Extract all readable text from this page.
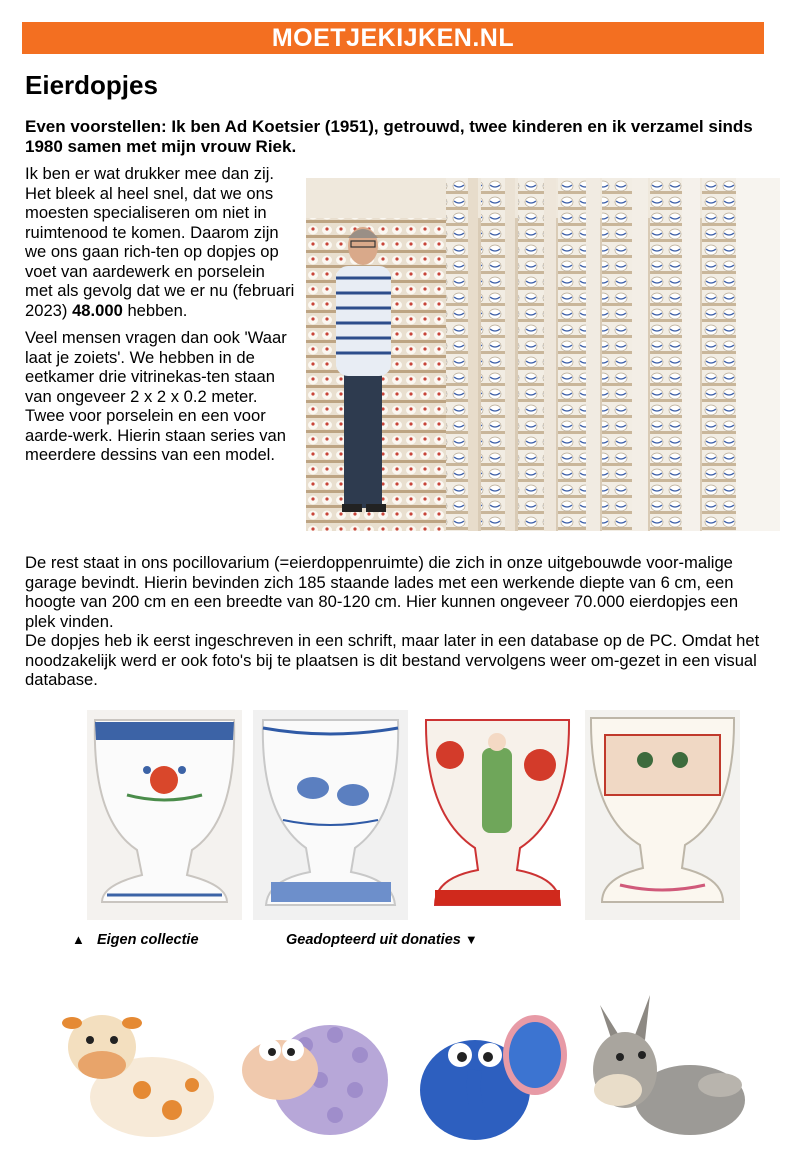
MOETJEKIJKEN.NL
Eierdopjes

Even voorstellen: Ik ben Ad Koetsier (1951), getrouwd, twee kinderen en ik verzamel sinds 1980 samen met mijn vrouw Riek.

Ik ben er wat drukker mee dan zij. Het bleek al heel snel, dat we ons moesten specialiseren om niet in ruimtenood te komen. Daarom zijn we ons gaan rich-ten op dopjes op voet van aardewerk en porselein met als gevolg dat we er nu (februari 2023) 48.000 hebben.

Veel mensen vragen dan ook 'Waar laat je zoiets'. We hebben in de eetkamer drie vitrinekas-ten staan van ongeveer 2 x 2 x 0.2 meter. Twee voor porselein en een voor aarde-werk. Hierin staan series van meerdere dessins van een model.

De rest staat in ons pocillovarium (=eierdoppenruimte) die zich in onze uitgebouwde voor-malige garage bevindt. Hierin bevinden zich 185 staande lades met een werkende diepte van 6 cm, een hoogte van 200 cm en een breedte van 80-120 cm. Hier kunnen ongeveer 70.000 eierdopjes een plek vinden.

De dopjes heb ik eerst ingeschreven in een schrift, maar later in een database op de PC. Omdat het noodzakelijk werd er ook foto's bij te plaatsen is dit bestand vervolgens weer om-gezet in een visual database.

▲ Eigen collectie	Geadopteerd uit donaties ▼
